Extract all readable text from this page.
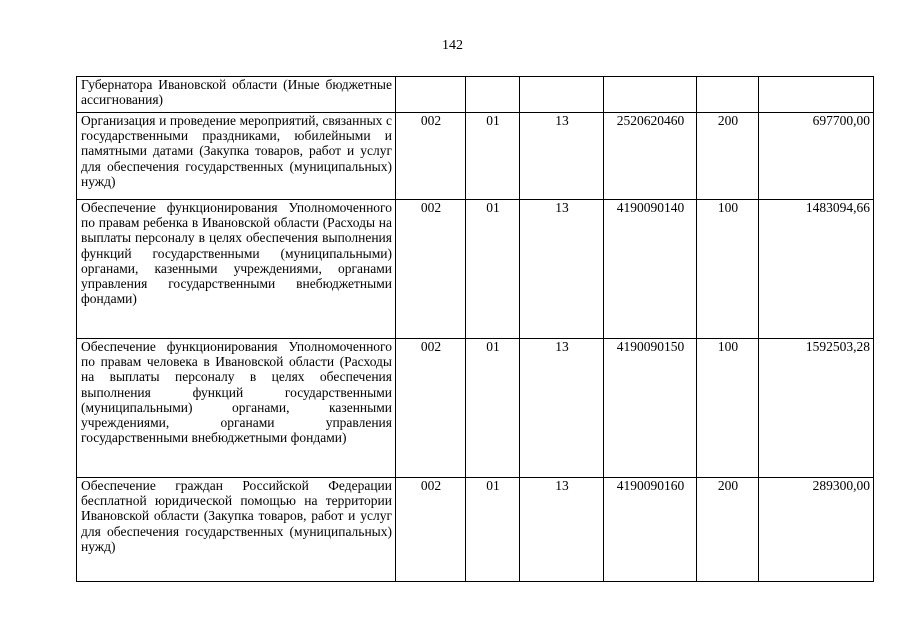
142
Губернатора Ивановской области (Иные бюджетные ассигнования)						
Организация и проведение мероприятий, связанных с государственными праздниками, юбилейными и памятными датами (Закупка товаров, работ и услуг для обеспечения государственных (муниципальных) нужд)	002	01	13	2520620460	200	697700,00
Обеспечение функционирования Уполномоченного по правам ребенка в Ивановской области (Расходы на выплаты персоналу в целях обеспечения выполнения функций государственными (муниципальными) органами, казенными учреждениями, органами управления государственными внебюджетными фондами)	002	01	13	4190090140	100	1483094,66
Обеспечение функционирования Уполномоченного по правам человека в Ивановской области (Расходы на выплаты персоналу в целях обеспечения выполнения функций государственными (муниципальными) органами, казенными учреждениями, органами управления государственными внебюджетными фондами)	002	01	13	4190090150	100	1592503,28
Обеспечение граждан Российской Федерации бесплатной юридической помощью на территории Ивановской области (Закупка товаров, работ и услуг для обеспечения государственных (муниципальных) нужд)	002	01	13	4190090160	200	289300,00
